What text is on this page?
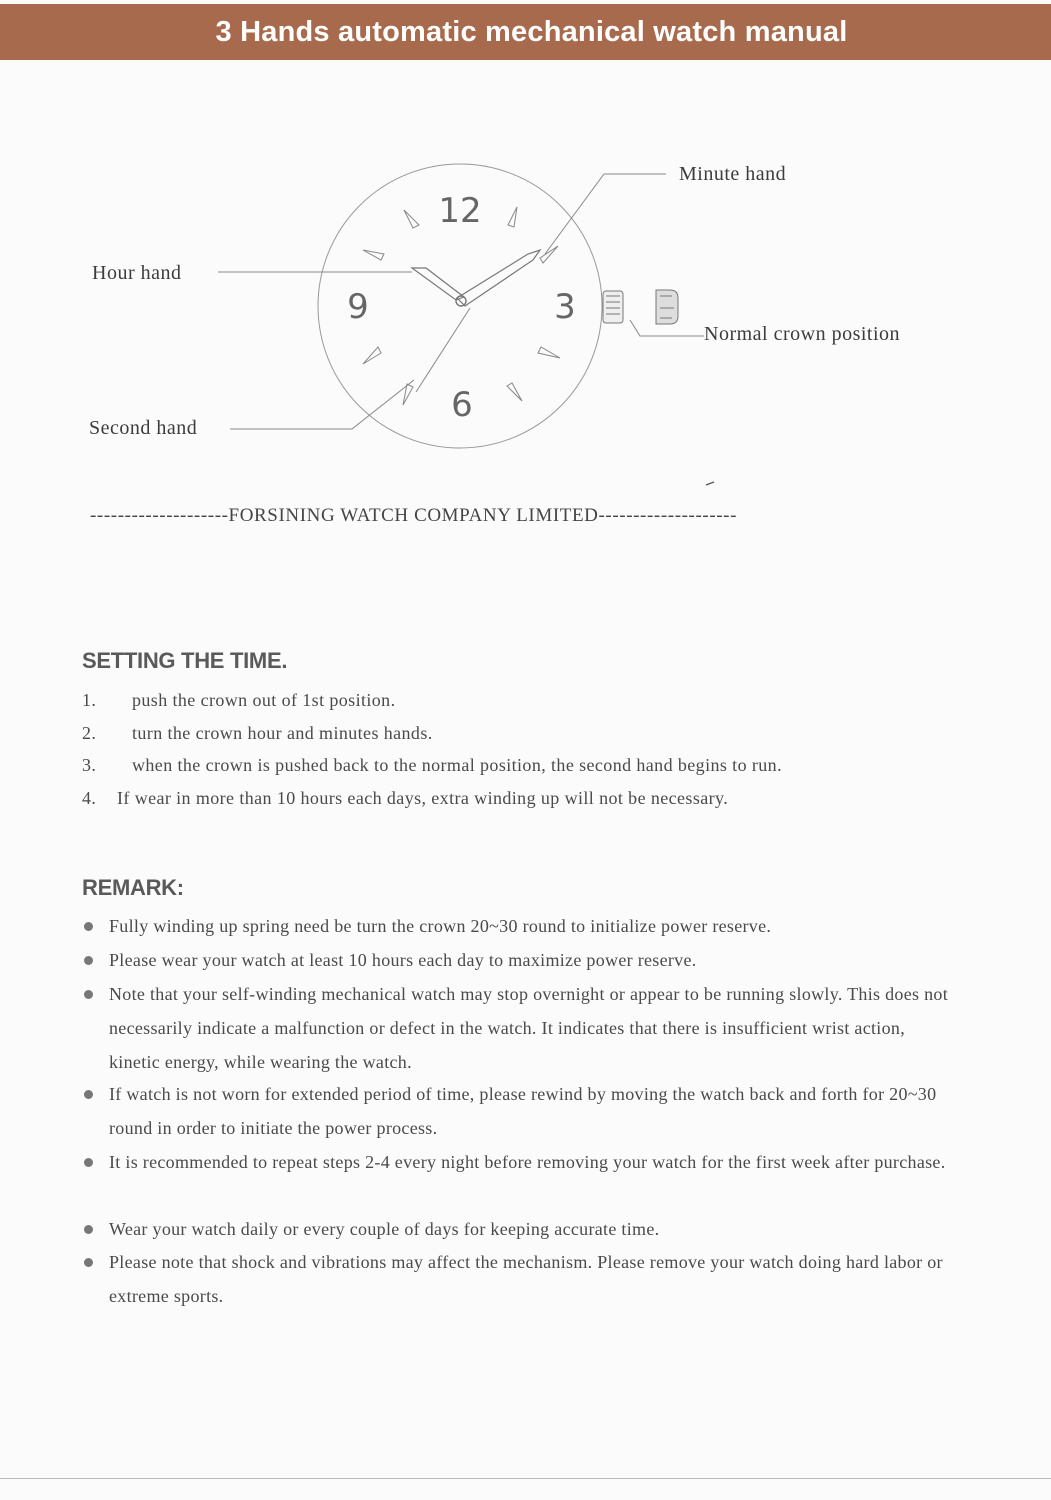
3 Hands automatic mechanical watch manual
12
3
6
9
Minute hand
Hour hand
Normal crown position
Second hand
--------------------FORSINING WATCH COMPANY LIMITED--------------------
SETTING THE TIME.
1. push the crown out of 1st position.
2. turn the crown hour and minutes hands.
3. when the crown is pushed back to the normal position, the second hand begins to run.
4. If wear in more than 10 hours each days, extra winding up will not be necessary.
REMARK:
Fully winding up spring need be turn the crown 20~30 round to initialize power reserve.
Please wear your watch at least 10 hours each day to maximize power reserve.
Note that your self-winding mechanical watch may stop overnight or appear to be running slowly. This does not necessarily indicate a malfunction or defect in the watch. It indicates that there is insufficient wrist action, kinetic energy, while wearing the watch.
If watch is not worn for extended period of time, please rewind by moving the watch back and forth for 20~30 round in order to initiate the power process.
It is recommended to repeat steps 2-4 every night before removing your watch for the first week after purchase.
Wear your watch daily or every couple of days for keeping accurate time.
Please note that shock and vibrations may affect the mechanism. Please remove your watch doing hard labor or extreme sports.
